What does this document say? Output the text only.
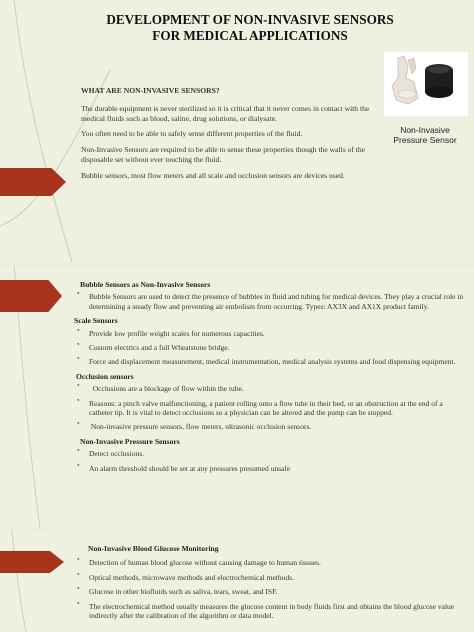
DEVELOPMENT OF NON-INVASIVE SENSORS
FOR MEDICAL APPLICATIONS
Non-Invasive
Pressure Sensor
WHAT ARE NON-INVASIVE SENSORS?

The durable equipment is never sterilized so it is critical that it never comes in contact with the medical fluids such as blood, saline, drug solutions, or dialysate.

You often need to be able to safely sense different properties of the fluid.

Non-Invasive Sensors are required to be able to sense these properties though the walls of the disposable set without ever touching the fluid.

Bubble sensors, most flow meters and all scale and occlusion sensors are devices used.

Bubble Sensors as Non-Invasive Sensors
ﾞ Bubble Sensors are used to detect the presence of bubbles in fluid and tubing for medical devices. They play a crucial role in determining a steady flow and preventing air embolism from occurring. Types: AX3X and AX1X product family.
Scale Sensors
ﾞ Provide low profile weight scales for numerous capacities.
ﾞ Custom electrics and a full Wheatstone bridge.
ﾞ Force and displacement measurement, medical instrumentation, medical analysis systems and food dispensing equipment.
Occlusion sensors
ﾞ Occlusions are a blockage of flow within the tube.
ﾞ Reasons: a pinch valve malfunctioning, a patient rolling onto a flow tube in their bed, or an obstruction at the end of a catheter tip. It is vital to detect occlusions so a physician can be altered and the pump can be stopped.
ﾞ Non-invasive pressure sensors, flow meters, ultrasonic occlusion sensors.
Non-Invasive Pressure Sensors
ﾞ Detect occlusions.
ﾞ An alarm threshold should be set at any pressures presumed unsafe
Non-Invasive Blood Glucose Monitoring
ﾞ Detection of human blood glucose without causing damage to human tissues.
ﾞ Optical methods, microwave methods and electrochemical methods.
ﾞ Glucose in other biofluids such as saliva, tears, sweat, and ISF.
ﾞ The electrochemical method usually measures the glucose content in body fluids first and obtains the blood glucose value indirectly after the calibration of the algorithm or data model.
